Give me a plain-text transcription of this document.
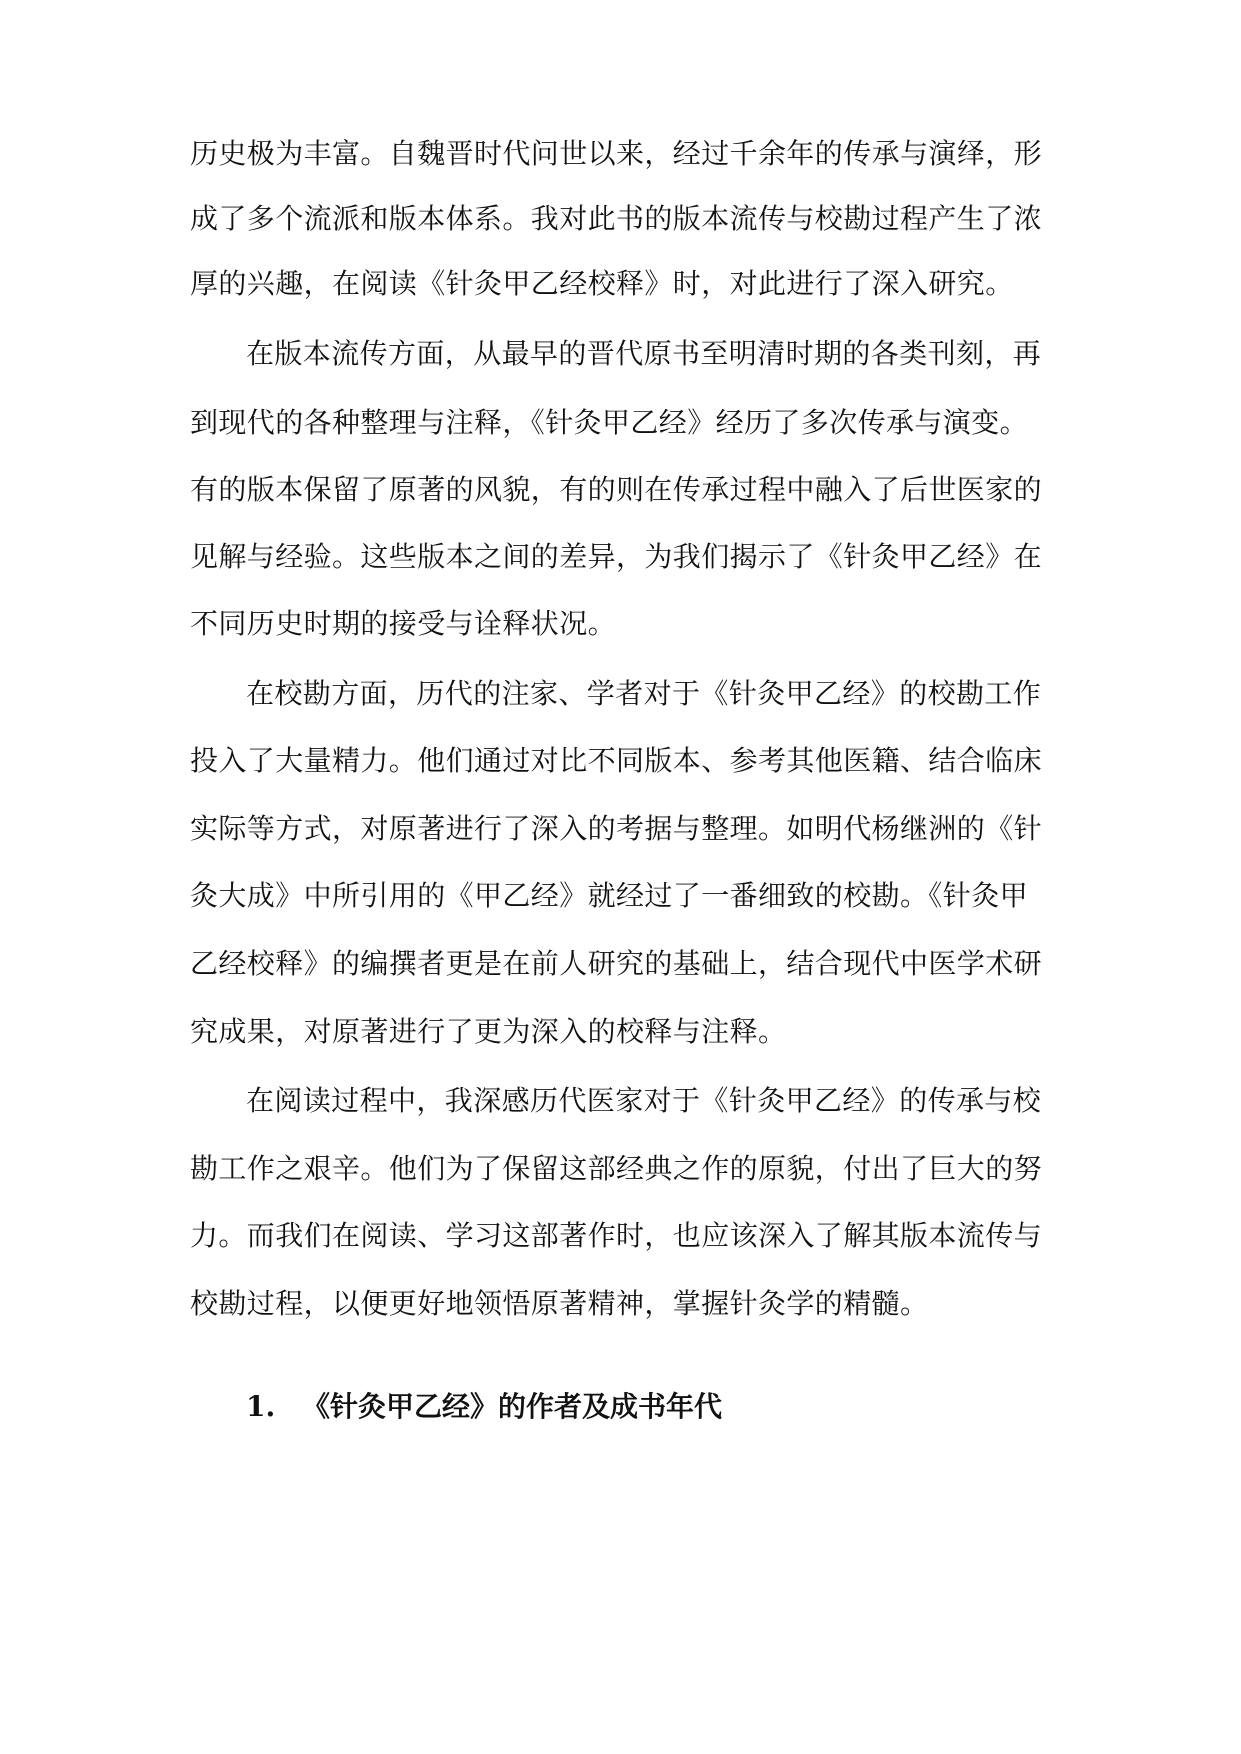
历史极为丰富。自魏晋时代问世以来，经过千余年的传承与演绎，形
成了多个流派和版本体系。我对此书的版本流传与校勘过程产生了浓
厚的兴趣，在阅读《针灸甲乙经校释》时，对此进行了深入研究。
在版本流传方面，从最早的晋代原书至明清时期的各类刊刻，再
到现代的各种整理与注释，《针灸甲乙经》经历了多次传承与演变。
有的版本保留了原著的风貌，有的则在传承过程中融入了后世医家的
见解与经验。这些版本之间的差异，为我们揭示了《针灸甲乙经》在
不同历史时期的接受与诠释状况。
在校勘方面，历代的注家、学者对于《针灸甲乙经》的校勘工作
投入了大量精力。他们通过对比不同版本、参考其他医籍、结合临床
实际等方式，对原著进行了深入的考据与整理。如明代杨继洲的《针
灸大成》中所引用的《甲乙经》就经过了一番细致的校勘。《针灸甲
乙经校释》的编撰者更是在前人研究的基础上，结合现代中医学术研
究成果，对原著进行了更为深入的校释与注释。
在阅读过程中，我深感历代医家对于《针灸甲乙经》的传承与校
勘工作之艰辛。他们为了保留这部经典之作的原貌，付出了巨大的努
力。而我们在阅读、学习这部著作时，也应该深入了解其版本流传与
校勘过程，以便更好地领悟原著精神，掌握针灸学的精髓。
1. 《针灸甲乙经》的作者及成书年代
